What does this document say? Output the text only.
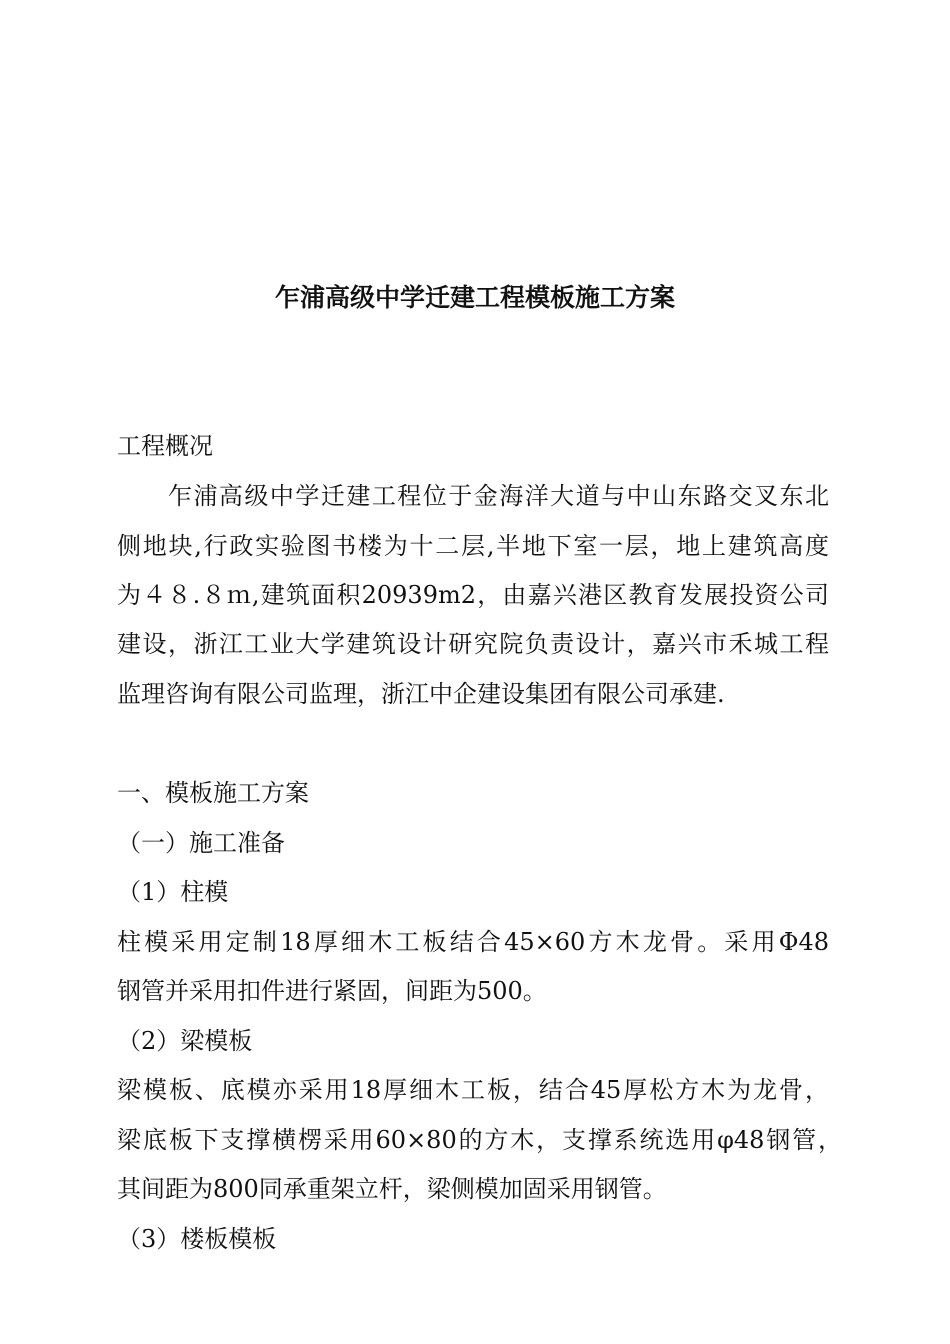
乍浦高级中学迁建工程模板施工方案

工程概况

　　乍浦高级中学迁建工程位于金海洋大道与中山东路交叉东北

侧地块,行政实验图书楼为十二层,半地下室一层，地上建筑高度

为４８.８ｍ,建筑面积20939m2，由嘉兴港区教育发展投资公司

建设，浙江工业大学建筑设计研究院负责设计，嘉兴市禾城工程

监理咨询有限公司监理，浙江中企建设集团有限公司承建.

一、模板施工方案

（一）施工准备

（1）柱模

柱模采用定制18厚细木工板结合45×60方木龙骨。采用Φ48

钢管并采用扣件进行紧固，间距为500。

（2）梁模板

梁模板、底模亦采用18厚细木工板，结合45厚松方木为龙骨，

梁底板下支撑横楞采用60×80的方木，支撑系统选用φ48钢管，

其间距为800同承重架立杆，梁侧模加固采用钢管。

（3）楼板模板
